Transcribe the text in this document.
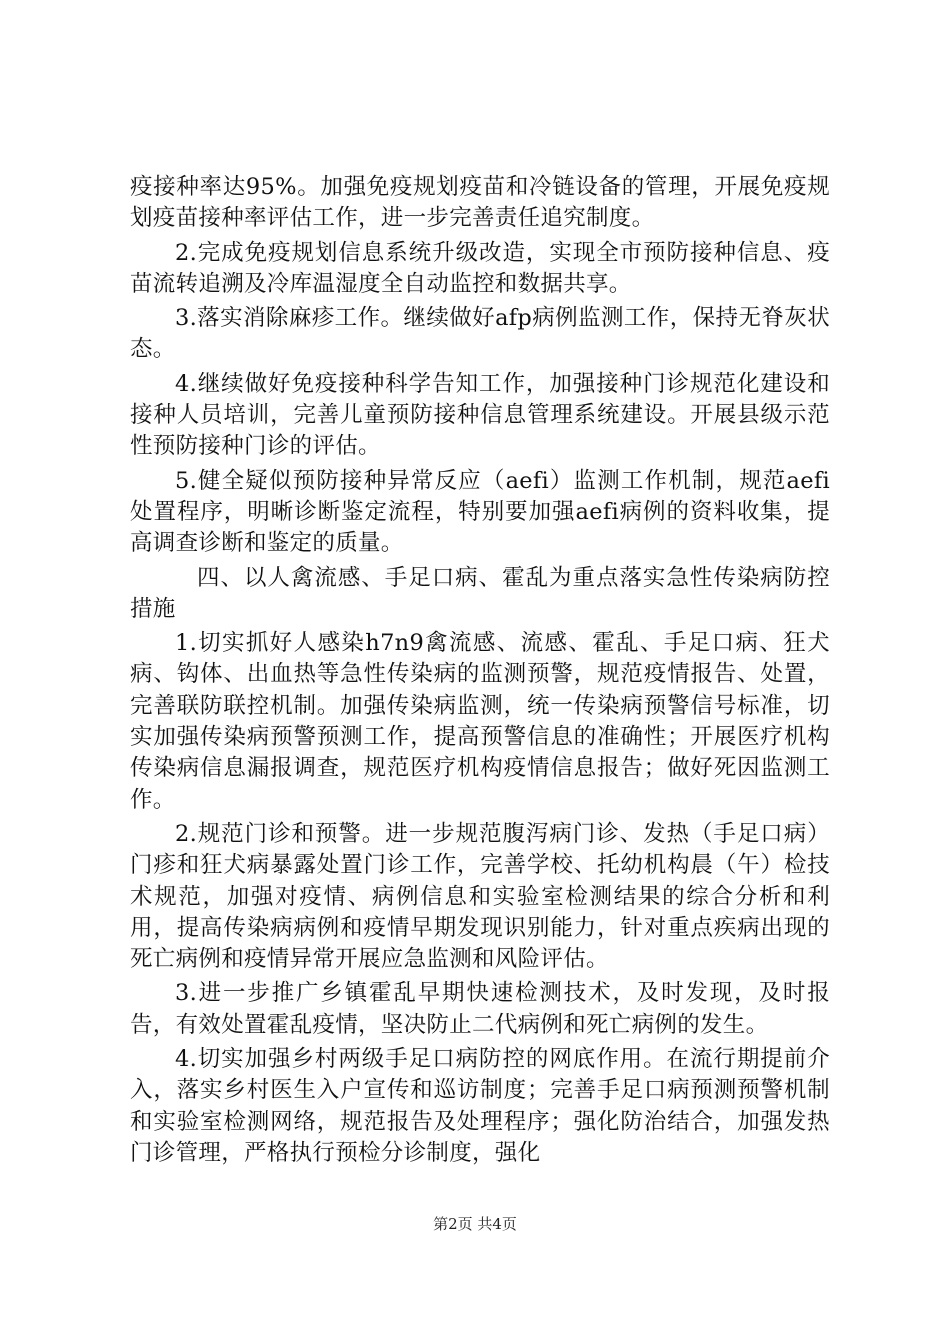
疫接种率达95%。加强免疫规划疫苗和冷链设备的管理，开展免疫规划疫苗接种率评估工作，进一步完善责任追究制度。

2.完成免疫规划信息系统升级改造，实现全市预防接种信息、疫苗流转追溯及冷库温湿度全自动监控和数据共享。

3.落实消除麻疹工作。继续做好afp病例监测工作，保持无脊灰状态。

4.继续做好免疫接种科学告知工作，加强接种门诊规范化建设和接种人员培训，完善儿童预防接种信息管理系统建设。开展县级示范性预防接种门诊的评估。

5.健全疑似预防接种异常反应（aefi）监测工作机制，规范aefi处置程序，明晰诊断鉴定流程，特别要加强aefi病例的资料收集，提高调查诊断和鉴定的质量。

四、以人禽流感、手足口病、霍乱为重点落实急性传染病防控措施

1.切实抓好人感染h7n9禽流感、流感、霍乱、手足口病、狂犬病、钩体、出血热等急性传染病的监测预警，规范疫情报告、处置，完善联防联控机制。加强传染病监测，统一传染病预警信号标准，切实加强传染病预警预测工作，提高预警信息的准确性；开展医疗机构传染病信息漏报调查，规范医疗机构疫情信息报告；做好死因监测工作。

2.规范门诊和预警。进一步规范腹泻病门诊、发热（手足口病）门疹和狂犬病暴露处置门诊工作，完善学校、托幼机构晨（午）检技术规范，加强对疫情、病例信息和实验室检测结果的综合分析和利用，提高传染病病例和疫情早期发现识别能力，针对重点疾病出现的死亡病例和疫情异常开展应急监测和风险评估。

3.进一步推广乡镇霍乱早期快速检测技术，及时发现，及时报告，有效处置霍乱疫情，坚决防止二代病例和死亡病例的发生。

4.切实加强乡村两级手足口病防控的网底作用。在流行期提前介入，落实乡村医生入户宣传和巡访制度；完善手足口病预测预警机制和实验室检测网络，规范报告及处理程序；强化防治结合，加强发热门诊管理，严格执行预检分诊制度，强化

第2页 共4页
